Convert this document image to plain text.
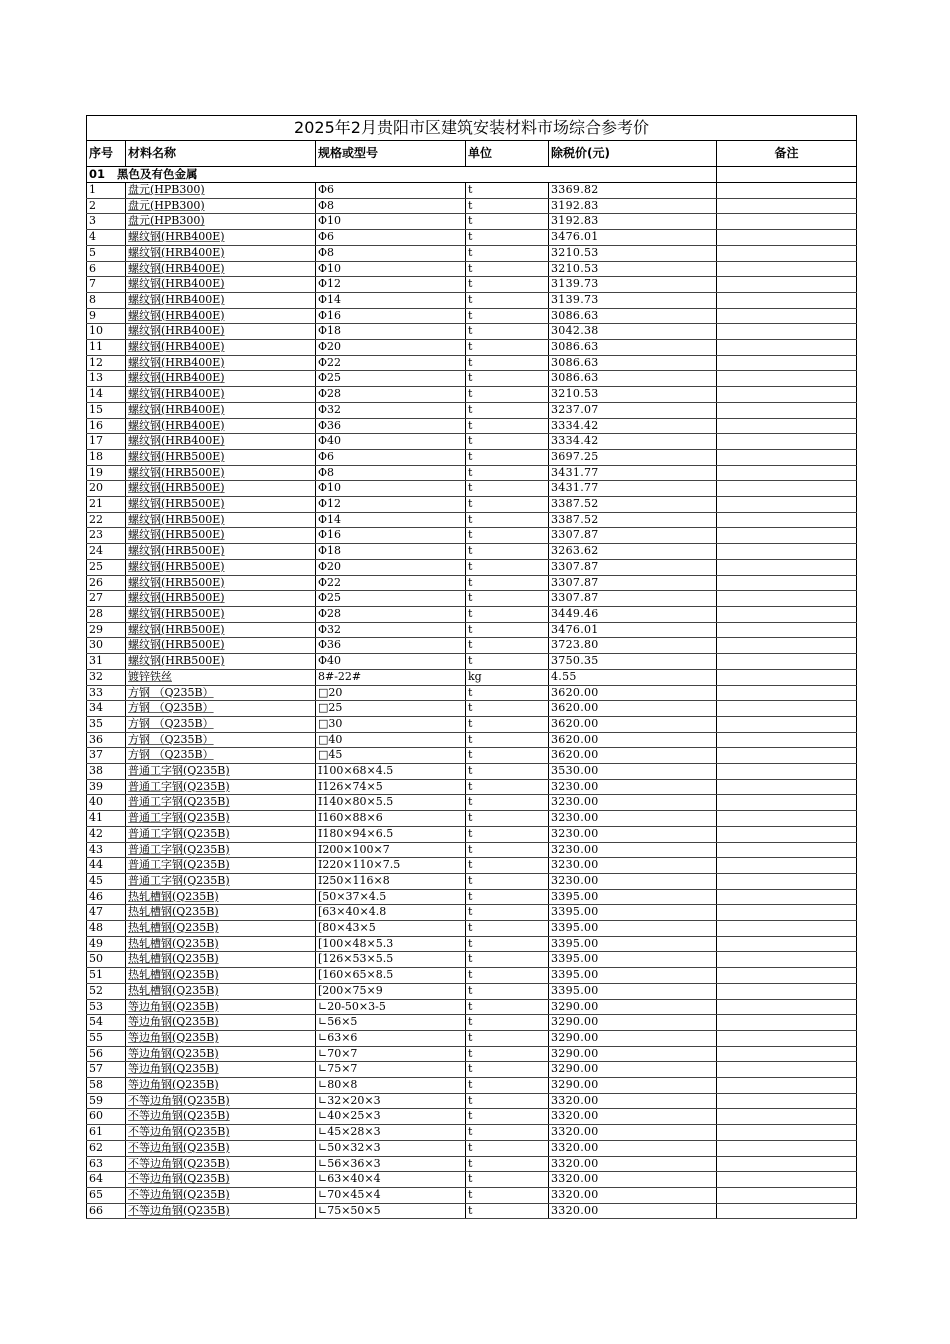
2025年2月贵阳市区建筑安装材料市场综合参考价					
序号	材料名称	规格或型号	单位	除税价(元)	备注
01 黑色及有色金属					
1	盘元(HPB300)	Φ6	t	3369.82	
2	盘元(HPB300)	Φ8	t	3192.83	
3	盘元(HPB300)	Φ10	t	3192.83	
4	螺纹钢(HRB400E)	Φ6	t	3476.01	
5	螺纹钢(HRB400E)	Φ8	t	3210.53	
6	螺纹钢(HRB400E)	Φ10	t	3210.53	
7	螺纹钢(HRB400E)	Φ12	t	3139.73	
8	螺纹钢(HRB400E)	Φ14	t	3139.73	
9	螺纹钢(HRB400E)	Φ16	t	3086.63	
10	螺纹钢(HRB400E)	Φ18	t	3042.38	
11	螺纹钢(HRB400E)	Φ20	t	3086.63	
12	螺纹钢(HRB400E)	Φ22	t	3086.63	
13	螺纹钢(HRB400E)	Φ25	t	3086.63	
14	螺纹钢(HRB400E)	Φ28	t	3210.53	
15	螺纹钢(HRB400E)	Φ32	t	3237.07	
16	螺纹钢(HRB400E)	Φ36	t	3334.42	
17	螺纹钢(HRB400E)	Φ40	t	3334.42	
18	螺纹钢(HRB500E)	Φ6	t	3697.25	
19	螺纹钢(HRB500E)	Φ8	t	3431.77	
20	螺纹钢(HRB500E)	Φ10	t	3431.77	
21	螺纹钢(HRB500E)	Φ12	t	3387.52	
22	螺纹钢(HRB500E)	Φ14	t	3387.52	
23	螺纹钢(HRB500E)	Φ16	t	3307.87	
24	螺纹钢(HRB500E)	Φ18	t	3263.62	
25	螺纹钢(HRB500E)	Φ20	t	3307.87	
26	螺纹钢(HRB500E)	Φ22	t	3307.87	
27	螺纹钢(HRB500E)	Φ25	t	3307.87	
28	螺纹钢(HRB500E)	Φ28	t	3449.46	
29	螺纹钢(HRB500E)	Φ32	t	3476.01	
30	螺纹钢(HRB500E)	Φ36	t	3723.80	
31	螺纹钢(HRB500E)	Φ40	t	3750.35	
32	镀锌铁丝	8#-22#	kg	4.55	
33	方钢 （Q235B）	□20	t	3620.00	
34	方钢 （Q235B）	□25	t	3620.00	
35	方钢 （Q235B）	□30	t	3620.00	
36	方钢 （Q235B）	□40	t	3620.00	
37	方钢 （Q235B）	□45	t	3620.00	
38	普通工字钢(Q235B)	I100×68×4.5	t	3530.00	
39	普通工字钢(Q235B)	I126×74×5	t	3230.00	
40	普通工字钢(Q235B)	I140×80×5.5	t	3230.00	
41	普通工字钢(Q235B)	I160×88×6	t	3230.00	
42	普通工字钢(Q235B)	I180×94×6.5	t	3230.00	
43	普通工字钢(Q235B)	I200×100×7	t	3230.00	
44	普通工字钢(Q235B)	I220×110×7.5	t	3230.00	
45	普通工字钢(Q235B)	I250×116×8	t	3230.00	
46	热轧槽钢(Q235B)	[50×37×4.5	t	3395.00	
47	热轧槽钢(Q235B)	[63×40×4.8	t	3395.00	
48	热轧槽钢(Q235B)	[80×43×5	t	3395.00	
49	热轧槽钢(Q235B)	[100×48×5.3	t	3395.00	
50	热轧槽钢(Q235B)	[126×53×5.5	t	3395.00	
51	热轧槽钢(Q235B)	[160×65×8.5	t	3395.00	
52	热轧槽钢(Q235B)	[200×75×9	t	3395.00	
53	等边角钢(Q235B)	∟20-50×3-5	t	3290.00	
54	等边角钢(Q235B)	∟56×5	t	3290.00	
55	等边角钢(Q235B)	∟63×6	t	3290.00	
56	等边角钢(Q235B)	∟70×7	t	3290.00	
57	等边角钢(Q235B)	∟75×7	t	3290.00	
58	等边角钢(Q235B)	∟80×8	t	3290.00	
59	不等边角钢(Q235B)	∟32×20×3	t	3320.00	
60	不等边角钢(Q235B)	∟40×25×3	t	3320.00	
61	不等边角钢(Q235B)	∟45×28×3	t	3320.00	
62	不等边角钢(Q235B)	∟50×32×3	t	3320.00	
63	不等边角钢(Q235B)	∟56×36×3	t	3320.00	
64	不等边角钢(Q235B)	∟63×40×4	t	3320.00	
65	不等边角钢(Q235B)	∟70×45×4	t	3320.00	
66	不等边角钢(Q235B)	∟75×50×5	t	3320.00	
